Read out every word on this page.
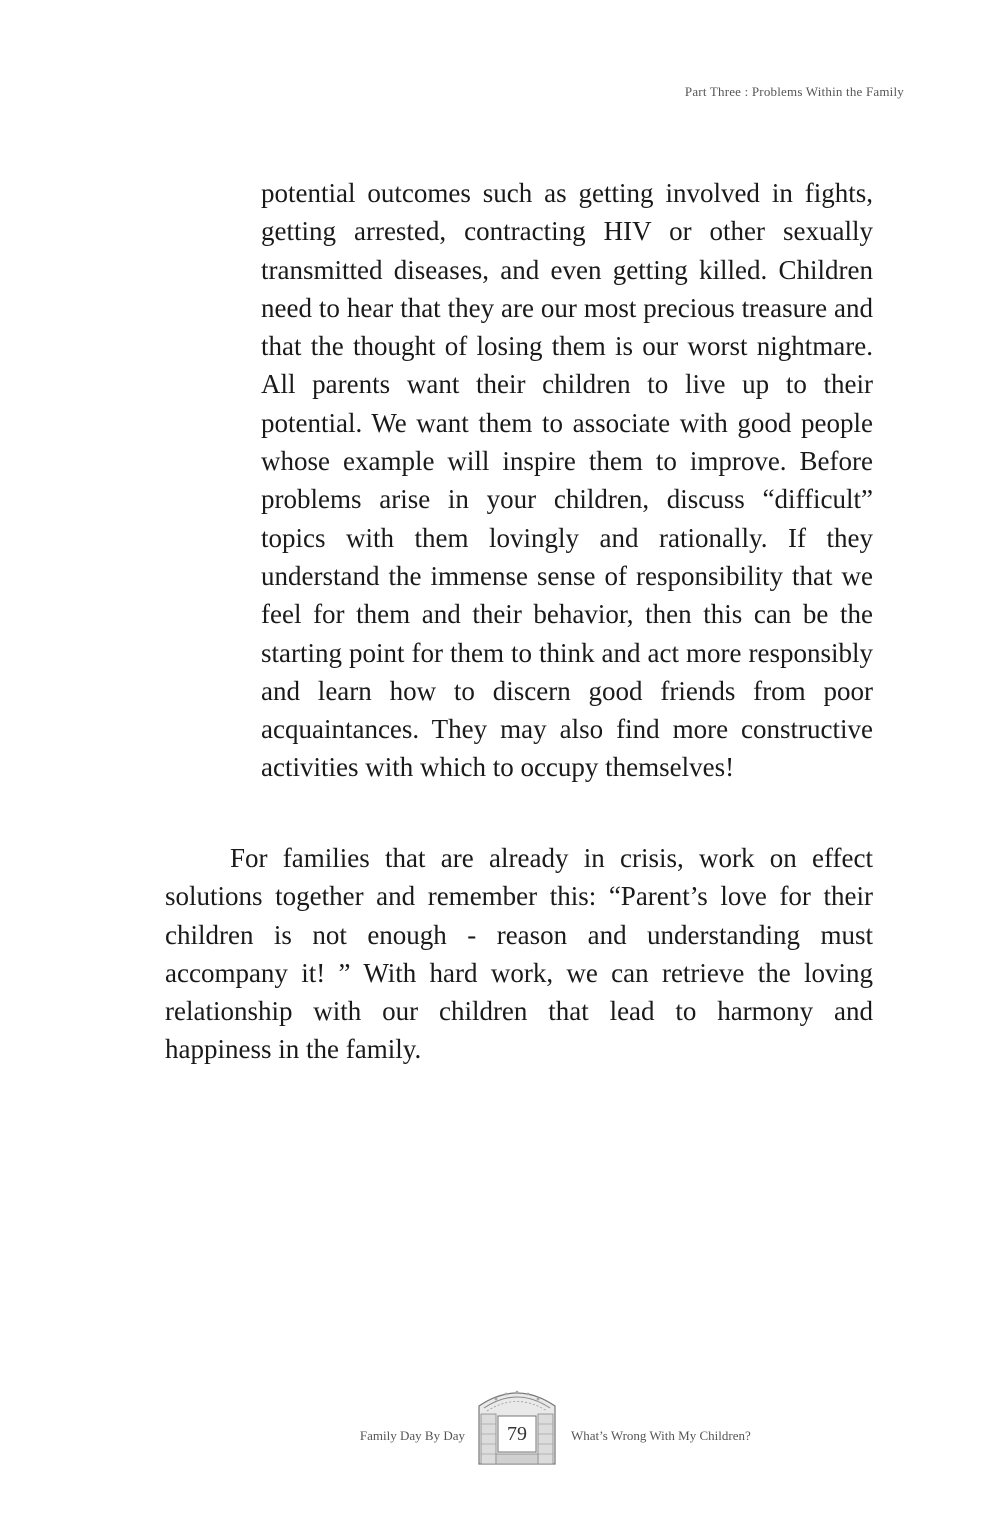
Part Three : Problems Within the Family

potential outcomes such as getting involved in fights, getting arrested, contracting HIV or other sexually transmitted diseases, and even getting killed. Children need to hear that they are our most precious treasure and that the thought of losing them is our worst nightmare. All parents want their children to live up to their potential. We want them to associate with good people whose example will inspire them to improve. Before problems arise in your children, discuss “difficult” topics with them lovingly and rationally. If they understand the immense sense of responsibility that we feel for them and their behavior, then this can be the starting point for them to think and act more responsibly and learn how to discern good friends from poor acquaintances. They may also find more constructive activities with which to occupy themselves!

For families that are already in crisis, work on effect solutions together and remember this: “Parent’s love for their children is not enough - reason and understanding must accompany it! ” With hard work, we can retrieve the loving relationship with our children that lead to harmony and happiness in the family.

Family Day By Day	79	What’s Wrong With My Children?
